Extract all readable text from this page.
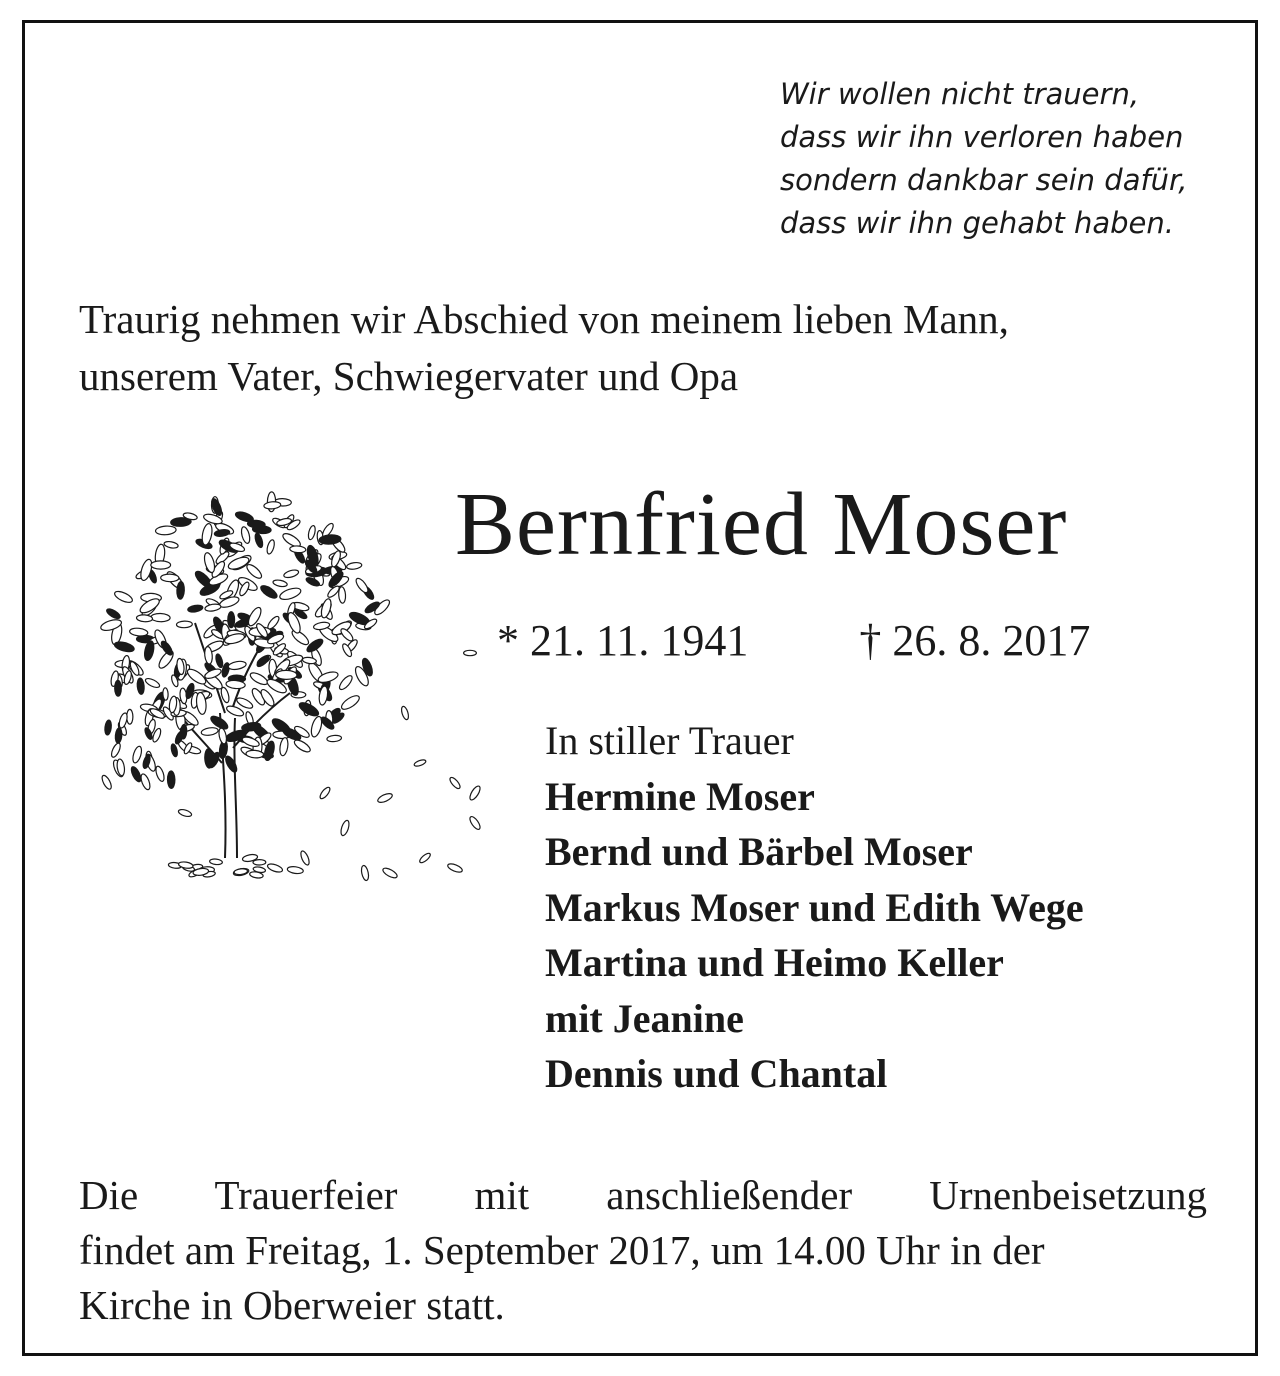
Wir wollen nicht trauern,
dass wir ihn verloren haben
sondern dankbar sein dafür,
dass wir ihn gehabt haben.
Traurig nehmen wir Abschied von meinem lieben Mann,
unserem Vater, Schwiegervater und Opa
Bernfried Moser
* 21. 11. 1941	† 26. 8. 2017
In stiller Trauer
Hermine Moser
Bernd und Bärbel Moser
Markus Moser und Edith Wege
Martina und Heimo Keller
mit Jeanine
Dennis und Chantal
Die Trauerfeier mit anschließender Urnenbeisetzung
findet am Freitag, 1. September 2017, um 14.00 Uhr in der
Kirche in Oberweier statt.
